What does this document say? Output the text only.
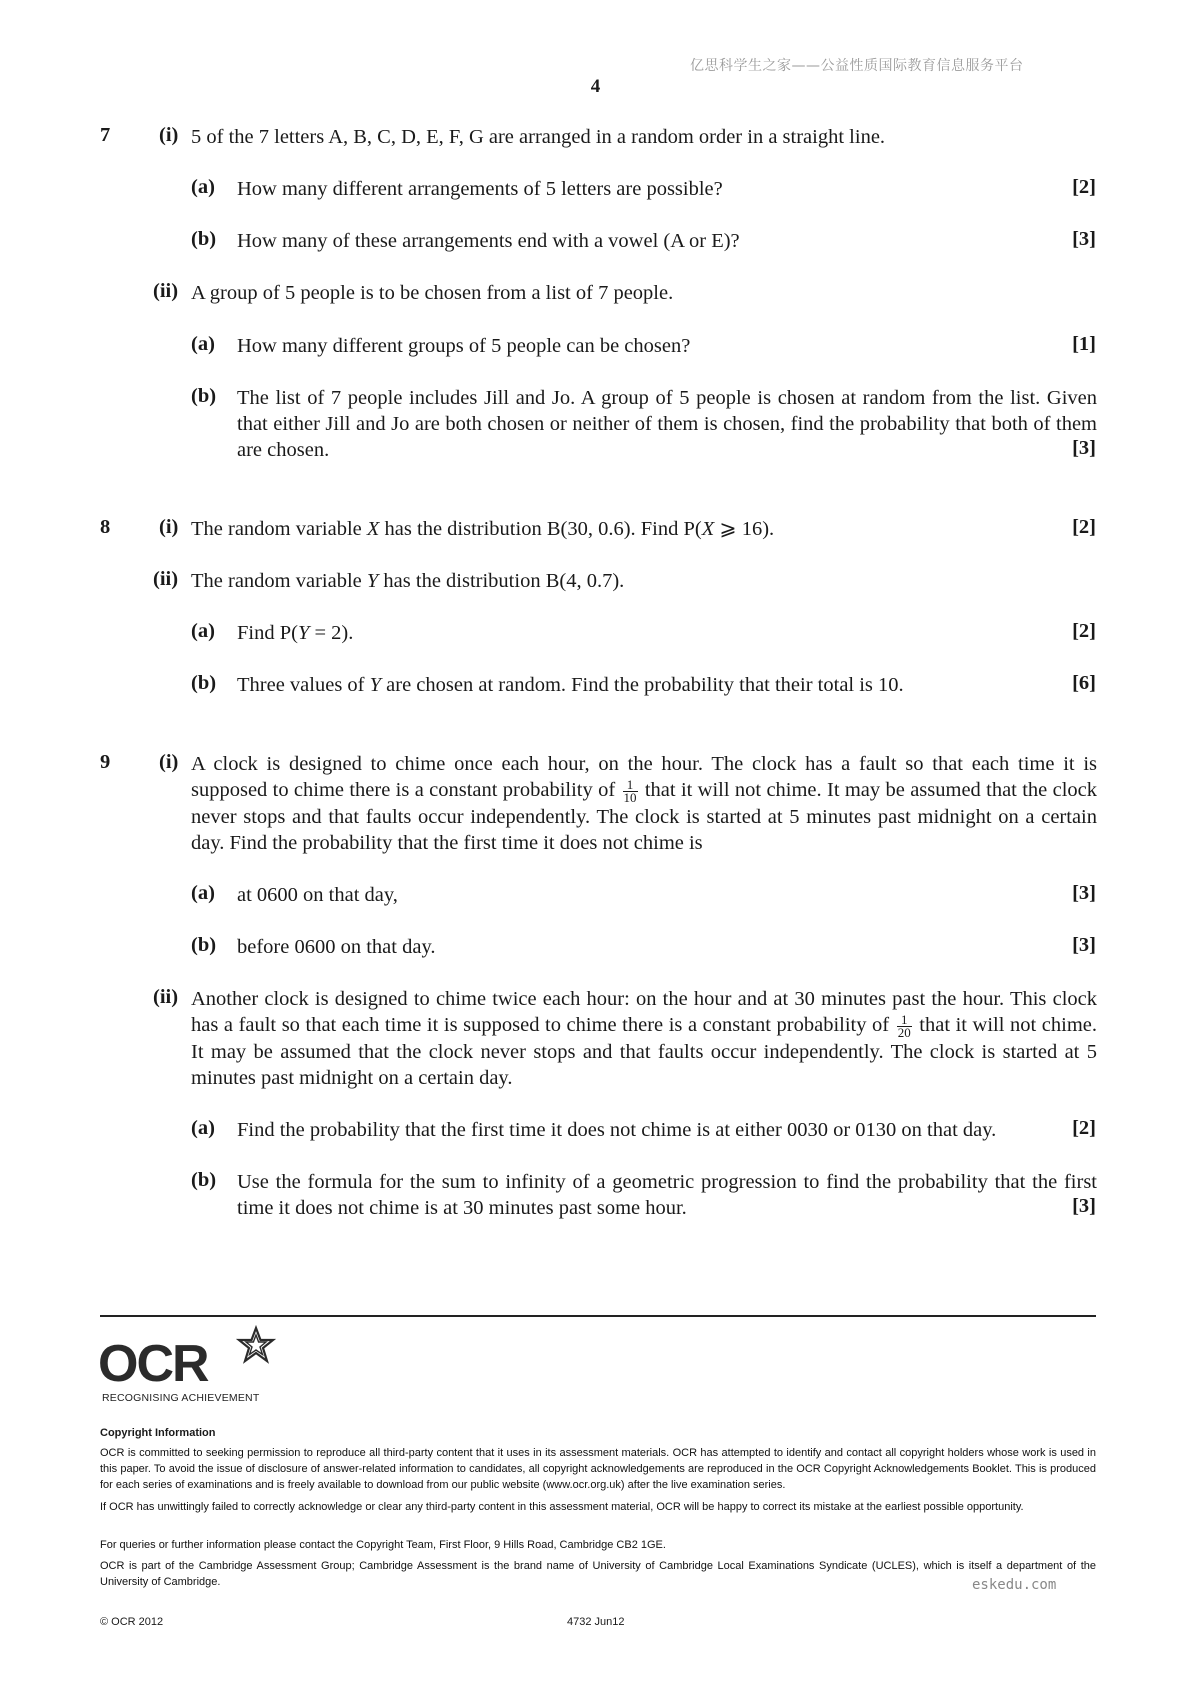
亿思科学生之家——公益性质国际教育信息服务平台
4
7 (i) 5 of the 7 letters A, B, C, D, E, F, G are arranged in a random order in a straight line.
(a) How many different arrangements of 5 letters are possible?	[2]
(b) How many of these arrangements end with a vowel (A or E)?	[3]
(ii) A group of 5 people is to be chosen from a list of 7 people.
(a) How many different groups of 5 people can be chosen?	[1]
(b) The list of 7 people includes Jill and Jo. A group of 5 people is chosen at random from the list. Given that either Jill and Jo are both chosen or neither of them is chosen, find the probability that both of them are chosen.	[3]
8 (i) The random variable X has the distribution B(30, 0.6). Find P(X ⩾ 16).	[2]
(ii) The random variable Y has the distribution B(4, 0.7).
(a) Find P(Y = 2).	[2]
(b) Three values of Y are chosen at random. Find the probability that their total is 10.	[6]
9 (i) A clock is designed to chime once each hour, on the hour. The clock has a fault so that each time it is supposed to chime there is a constant probability of $\frac{1}{10}$ that it will not chime. It may be assumed that the clock never stops and that faults occur independently. The clock is started at 5 minutes past midnight on a certain day. Find the probability that the first time it does not chime is
(a) at 0600 on that day,	[3]
(b) before 0600 on that day.	[3]
(ii) Another clock is designed to chime twice each hour: on the hour and at 30 minutes past the hour. This clock has a fault so that each time it is supposed to chime there is a constant probability of $\frac{1}{20}$ that it will not chime. It may be assumed that the clock never stops and that faults occur independently. The clock is started at 5 minutes past midnight on a certain day.
(a) Find the probability that the first time it does not chime is at either 0030 or 0130 on that day.	[2]
(b) Use the formula for the sum to infinity of a geometric progression to find the probability that the first time it does not chime is at 30 minutes past some hour.	[3]
OCR
RECOGNISING ACHIEVEMENT
Copyright Information
OCR is committed to seeking permission to reproduce all third-party content that it uses in its assessment materials. OCR has attempted to identify and contact all copyright holders whose work is used in this paper. To avoid the issue of disclosure of answer-related information to candidates, all copyright acknowledgements are reproduced in the OCR Copyright Acknowledgements Booklet. This is produced for each series of examinations and is freely available to download from our public website (www.ocr.org.uk) after the live examination series.
If OCR has unwittingly failed to correctly acknowledge or clear any third-party content in this assessment material, OCR will be happy to correct its mistake at the earliest possible opportunity.
For queries or further information please contact the Copyright Team, First Floor, 9 Hills Road, Cambridge CB2 1GE.
OCR is part of the Cambridge Assessment Group; Cambridge Assessment is the brand name of University of Cambridge Local Examinations Syndicate (UCLES), which is itself a department of the University of Cambridge.	eskedu.com
© OCR 2012	4732 Jun12
